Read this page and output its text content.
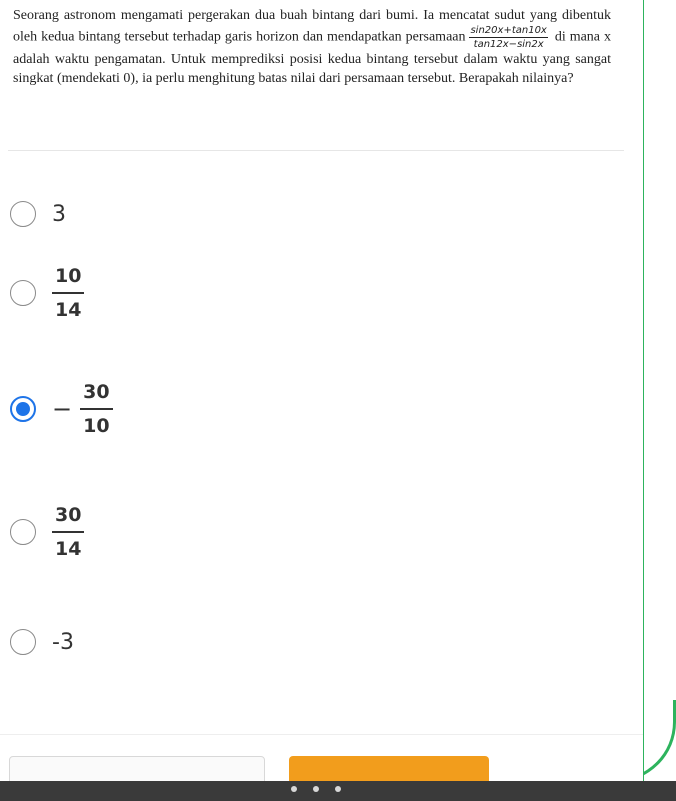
Seorang astronom mengamati pergerakan dua buah bintang dari bumi. Ia mencatat sudut yang dibentuk oleh kedua bintang tersebut terhadap garis horizon dan mendapatkan persamaan $\frac{\sin 20x+\tan 10x}{\tan 12x-\sin 2x}$ di mana x adalah waktu pengamatan. Untuk memprediksi posisi kedua bintang tersebut dalam waktu yang sangat singkat (mendekati 0), ia perlu menghitung batas nilai dari persamaan tersebut. Berapakah nilainya?

3
$\frac{10}{14}$
− $\frac{30}{10}$
$\frac{30}{14}$
-3
